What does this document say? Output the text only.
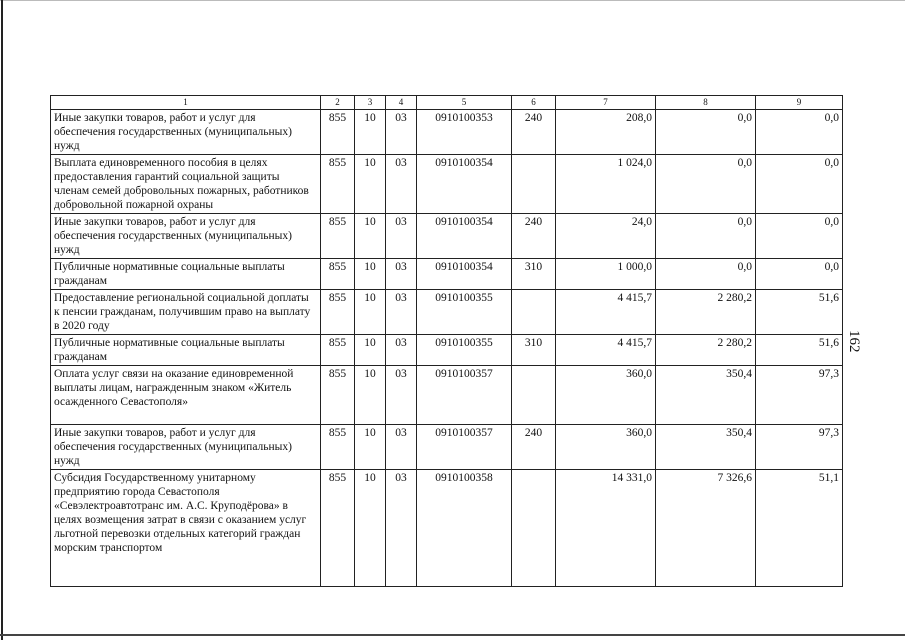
1	2	3	4	5	6	7	8	9
Иные закупки товаров, работ и услуг для обеспечения государственных (муниципальных) нужд	855	10	03	0910100353	240	208,0	0,0	0,0
Выплата единовременного пособия в целях предоставления гарантий социальной защиты членам семей добровольных пожарных, работников добровольной пожарной охраны	855	10	03	0910100354		1 024,0	0,0	0,0
Иные закупки товаров, работ и услуг для обеспечения государственных (муниципальных) нужд	855	10	03	0910100354	240	24,0	0,0	0,0
Публичные нормативные социальные выплаты гражданам	855	10	03	0910100354	310	1 000,0	0,0	0,0
Предоставление региональной социальной доплаты к пенсии гражданам, получившим право на выплату в 2020 году	855	10	03	0910100355		4 415,7	2 280,2	51,6
Публичные нормативные социальные выплаты гражданам	855	10	03	0910100355	310	4 415,7	2 280,2	51,6
Оплата услуг связи на оказание единовременной выплаты лицам, награжденным знаком «Житель осажденного Севастополя»	855	10	03	0910100357		360,0	350,4	97,3
Иные закупки товаров, работ и услуг для обеспечения государственных (муниципальных) нужд	855	10	03	0910100357	240	360,0	350,4	97,3
Субсидия Государственному унитарному предприятию города Севастополя «Севэлектроавтотранс им. А.С. Круподёрова» в целях возмещения затрат в связи с оказанием услуг льготной перевозки отдельных категорий граждан морским транспортом	855	10	03	0910100358		14 331,0	7 326,6	51,1
162
